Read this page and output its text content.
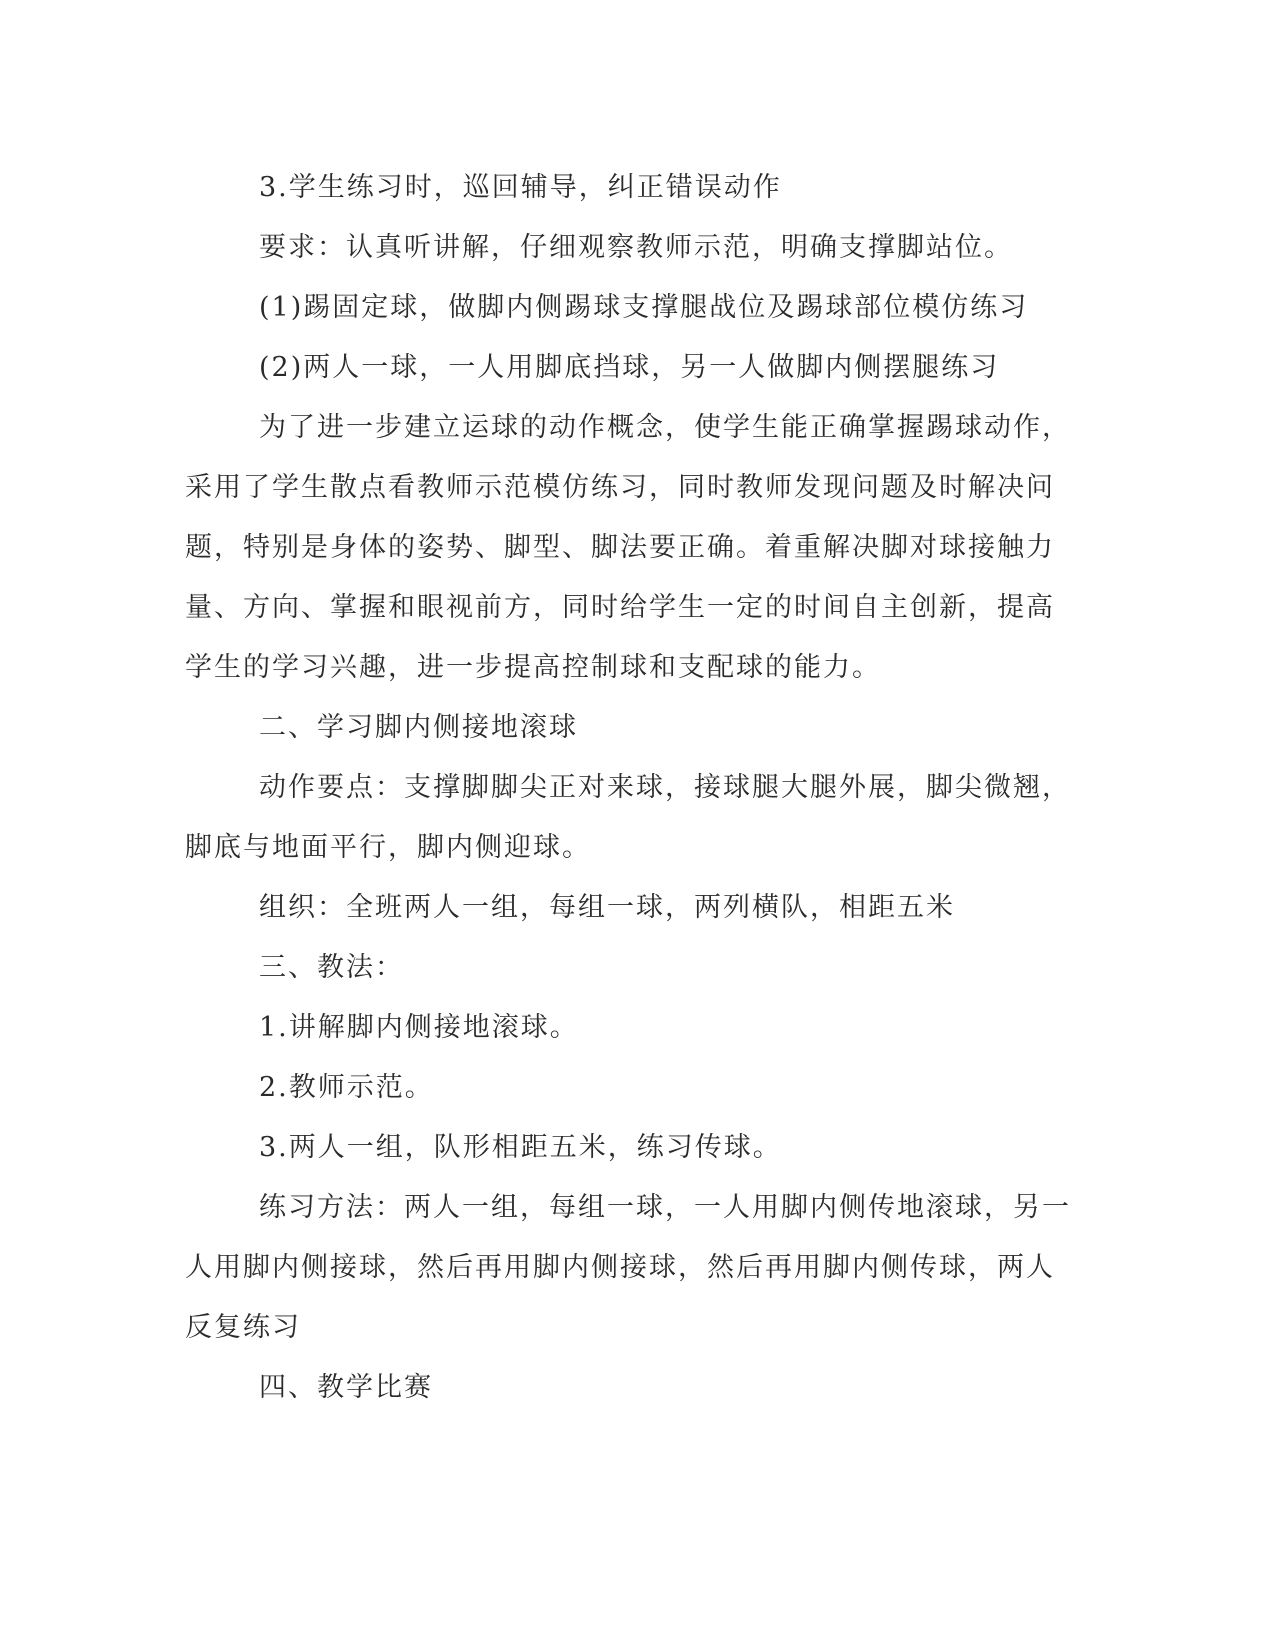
3.学生练习时，巡回辅导，纠正错误动作

要求：认真听讲解，仔细观察教师示范，明确支撑脚站位。

(1)踢固定球，做脚内侧踢球支撑腿战位及踢球部位模仿练习

(2)两人一球，一人用脚底挡球，另一人做脚内侧摆腿练习

为了进一步建立运球的动作概念，使学生能正确掌握踢球动作，采用了学生散点看教师示范模仿练习，同时教师发现问题及时解决问题，特别是身体的姿势、脚型、脚法要正确。着重解决脚对球接触力量、方向、掌握和眼视前方，同时给学生一定的时间自主创新，提高学生的学习兴趣，进一步提高控制球和支配球的能力。

二、学习脚内侧接地滚球

动作要点：支撑脚脚尖正对来球，接球腿大腿外展，脚尖微翘，脚底与地面平行，脚内侧迎球。

组织：全班两人一组，每组一球，两列横队，相距五米

三、教法：

1.讲解脚内侧接地滚球。

2.教师示范。

3.两人一组，队形相距五米，练习传球。

练习方法：两人一组，每组一球，一人用脚内侧传地滚球，另一人用脚内侧接球，然后再用脚内侧接球，然后再用脚内侧传球，两人反复练习

四、教学比赛
